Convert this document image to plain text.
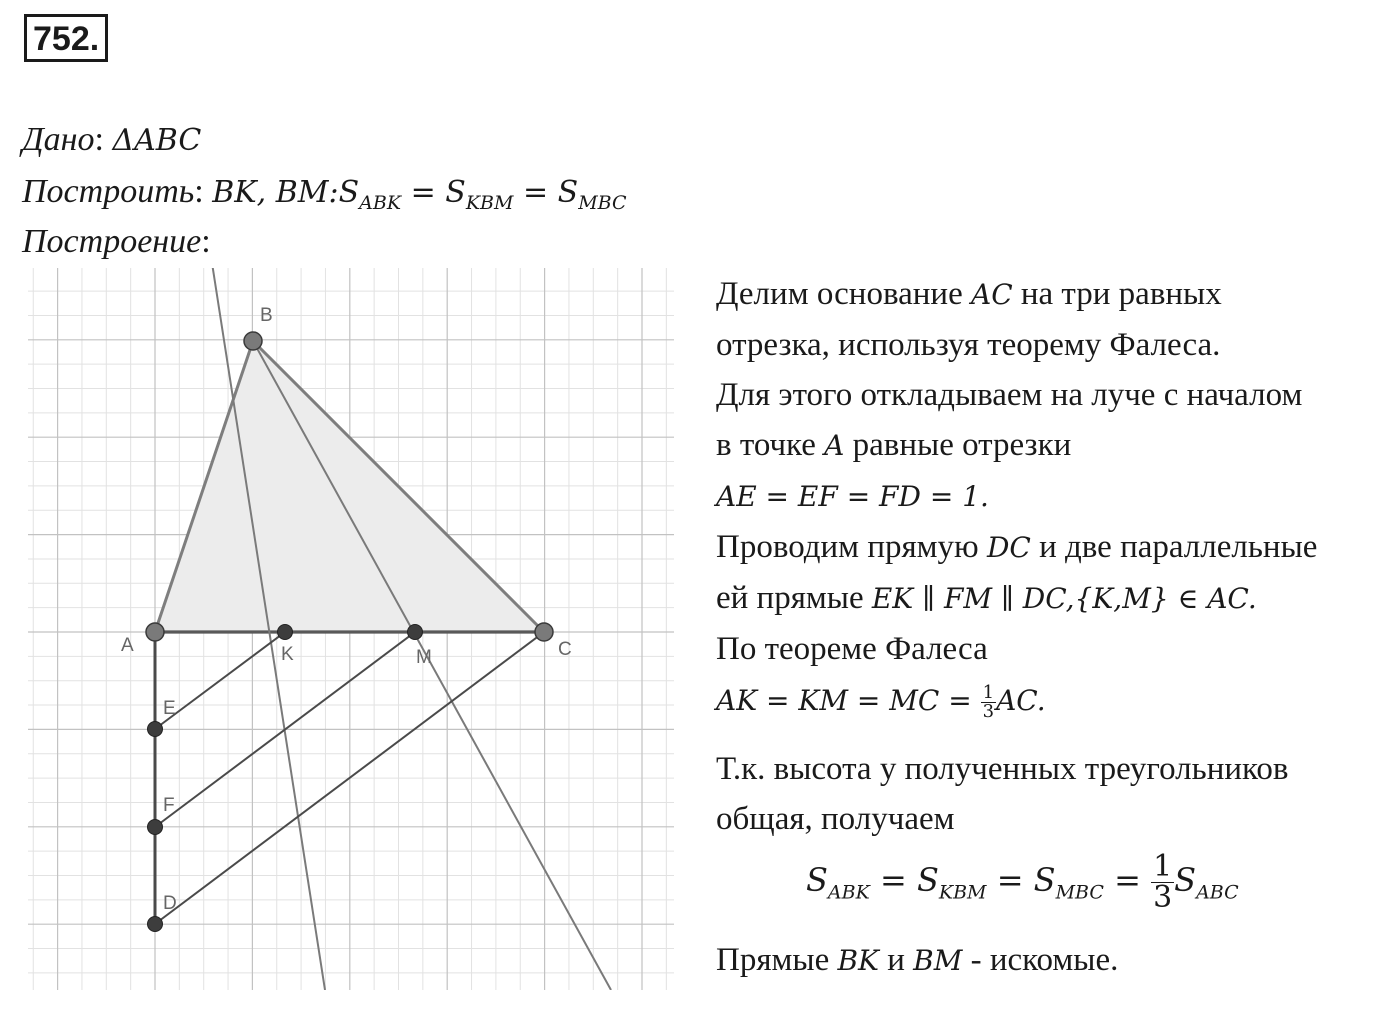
752.
Дано: ΔABC
Построить: BK, $BM:S_{ABK} = S_{KBM} = S_{MBC}$
Построение:
B
A	C
K	M
E
F
D
Делим основание AC на три равных
отрезка, используя теорему Фалеса.
Для этого откладываем на луче с началом
в точке A равные отрезки
AE = EF = FD = 1.
Проводим прямую DC и две параллельные
ей прямые EK ∥ FM ∥ DC,{K,M} ∈ AC.
По теореме Фалеса
AK = KM = MC = $\frac{1}{3}$ AC.
Т.к. высота у полученных треугольников
общая, получаем
$S_{ABK} = S_{KBM} = S_{MBC} = \frac{1}{3} S_{ABC}$
Прямые BK и BM - искомые.
